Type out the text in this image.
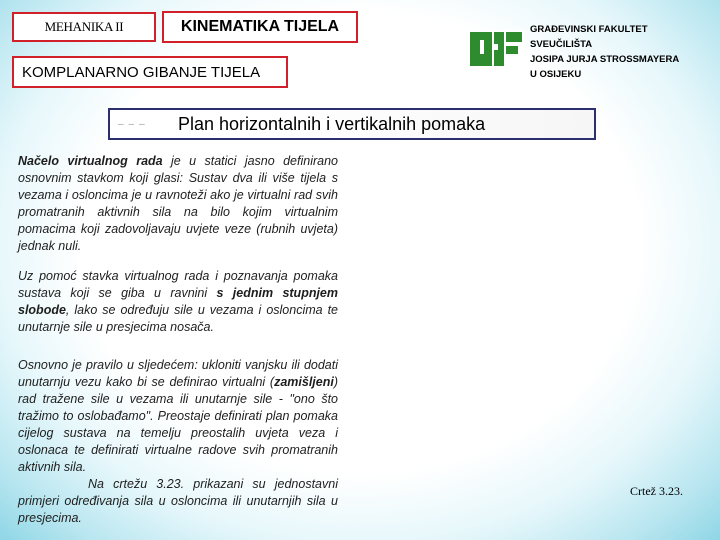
MEHANIKA II	KINEMATIKA TIJELA
KOMPLANARNO GIBANJE TIJELA
GRAĐEVINSKI FAKULTET
SVEUČILIŠTA
JOSIPA JURJA STROSSMAYERA
U OSIJEKU
‒‒‒	Plan horizontalnih i vertikalnih pomaka

Načelo virtualnog rada je u statici jasno definirano osnovnim stavkom koji glasi: Sustav dva ili više tijela s vezama i osloncima je u ravnoteži ako je virtualni rad svih promatranih aktivnih sila na bilo kojim virtualnim pomacima koji zadovoljavaju uvjete veze (rubnih uvjeta) jednak nuli.

Uz pomoć stavka virtualnog rada i poznavanja pomaka sustava koji se giba u ravnini s jednim stupnjem slobode, lako se određuju sile u vezama i osloncima te unutarnje sile u presjecima nosača.

Osnovno je pravilo u sljedećem: ukloniti vanjsku ili dodati unutarnju vezu kako bi se definirao virtualni (zamišljeni) rad tražene sile u vezama ili unutarnje sile - "ono što tražimo to oslobađamo". Preostaje definirati plan pomaka cijelog sustava na temelju preostalih uvjeta veza i oslonaca te definirati virtualne radove svih promatranih aktivnih sila.
Na crtežu 3.23. prikazani su jednostavni primjeri određivanja sila u osloncima ili unutarnjih sila u presjecima.

Crtež 3.23.
